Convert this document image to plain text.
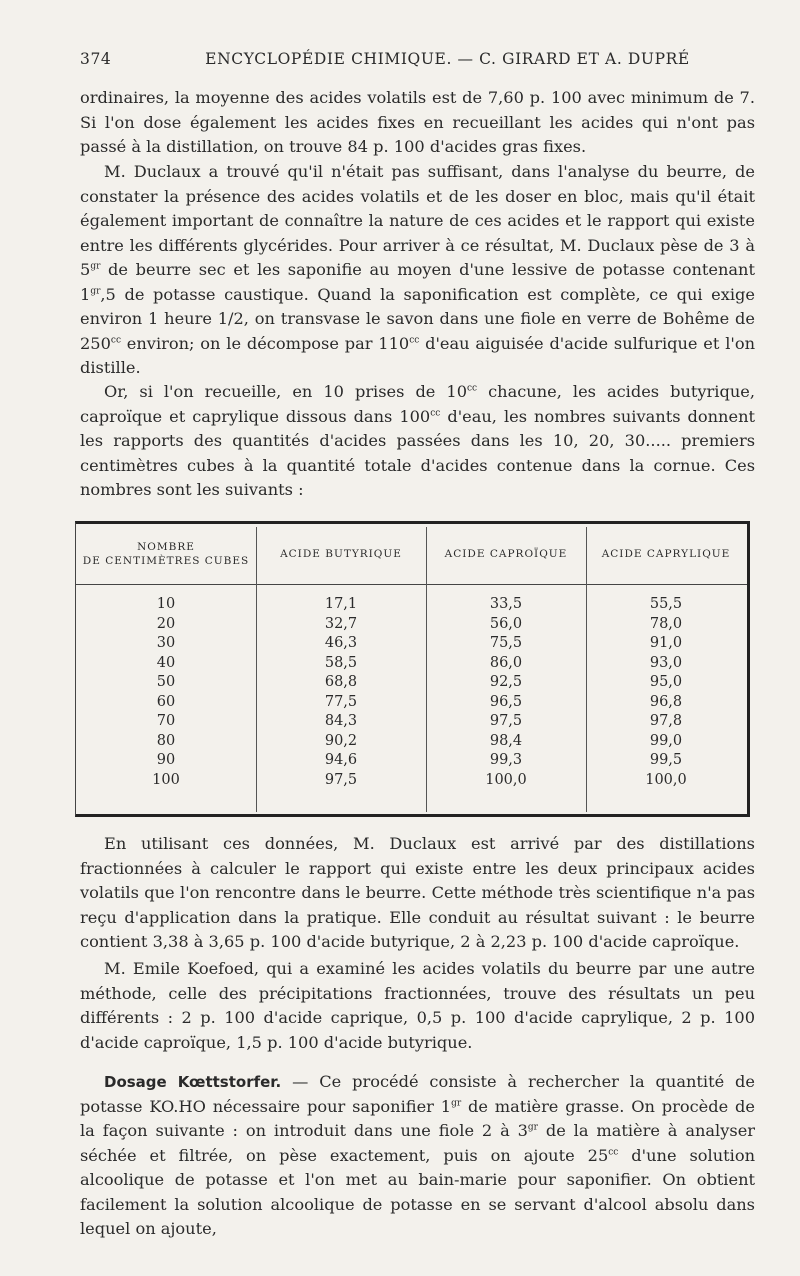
374	ENCYCLOPÉDIE CHIMIQUE. — C. GIRARD ET A. DUPRÉ

ordinaires, la moyenne des acides volatils est de 7,60 p. 100 avec minimum de 7. Si l'on dose également les acides fixes en recueillant les acides qui n'ont pas passé à la distillation, on trouve 84 p. 100 d'acides gras fixes.

M. Duclaux a trouvé qu'il n'était pas suffisant, dans l'analyse du beurre, de constater la présence des acides volatils et de les doser en bloc, mais qu'il était également important de connaître la nature de ces acides et le rapport qui existe entre les différents glycérides. Pour arriver à ce résultat, M. Duclaux pèse de 3 à $5^{gr}$ de beurre sec et les saponifie au moyen d'une lessive de potasse contenant $1^{gr},5$ de potasse caustique. Quand la saponification est complète, ce qui exige environ 1 heure 1/2, on transvase le savon dans une fiole en verre de Bohême de $250^{cc}$ environ; on le décompose par $110^{cc}$ d'eau aiguisée d'acide sulfurique et l'on distille.

Or, si l'on recueille, en 10 prises de $10^{cc}$ chacune, les acides butyrique, caproïque et caprylique dissous dans $100^{cc}$ d'eau, les nombres suivants donnent les rapports des quantités d'acides passées dans les 10, 20, 30..... premiers centimètres cubes à la quantité totale d'acides contenue dans la cornue. Ces nombres sont les suivants :

NOMBRE
DE CENTIMÈTRES CUBES
ACIDE BUTYRIQUE	ACIDE CAPROÏQUE	ACIDE CAPRYLIQUE
10	17,1	33,5	55,5
20	32,7	56,0	78,0
30	46,3	75,5	91,0
40	58,5	86,0	93,0
50	68,8	92,5	95,0
60	77,5	96,5	96,8
70	84,3	97,5	97,8
80	90,2	98,4	99,0
90	94,6	99,3	99,5
100	97,5	100,0	100,0

En utilisant ces données, M. Duclaux est arrivé par des distillations fractionnées à calculer le rapport qui existe entre les deux principaux acides volatils que l'on rencontre dans le beurre. Cette méthode très scientifique n'a pas reçu d'application dans la pratique. Elle conduit au résultat suivant : le beurre contient 3,38 à 3,65 p. 100 d'acide butyrique, 2 à 2,23 p. 100 d'acide caproïque.

M. Emile Koefoed, qui a examiné les acides volatils du beurre par une autre méthode, celle des précipitations fractionnées, trouve des résultats un peu différents : 2 p. 100 d'acide caprique, 0,5 p. 100 d'acide caprylique, 2 p. 100 d'acide caproïque, 1,5 p. 100 d'acide butyrique.

Dosage Kœttstorfer. — Ce procédé consiste à rechercher la quantité de potasse KO.HO nécessaire pour saponifier $1^{gr}$ de matière grasse. On procède de la façon suivante : on introduit dans une fiole 2 à $3^{gr}$ de la matière à analyser séchée et filtrée, on pèse exactement, puis on ajoute $25^{cc}$ d'une solution alcoolique de potasse et l'on met au bain-marie pour saponifier. On obtient facilement la solution alcoolique de potasse en se servant d'alcool absolu dans lequel on ajoute,
